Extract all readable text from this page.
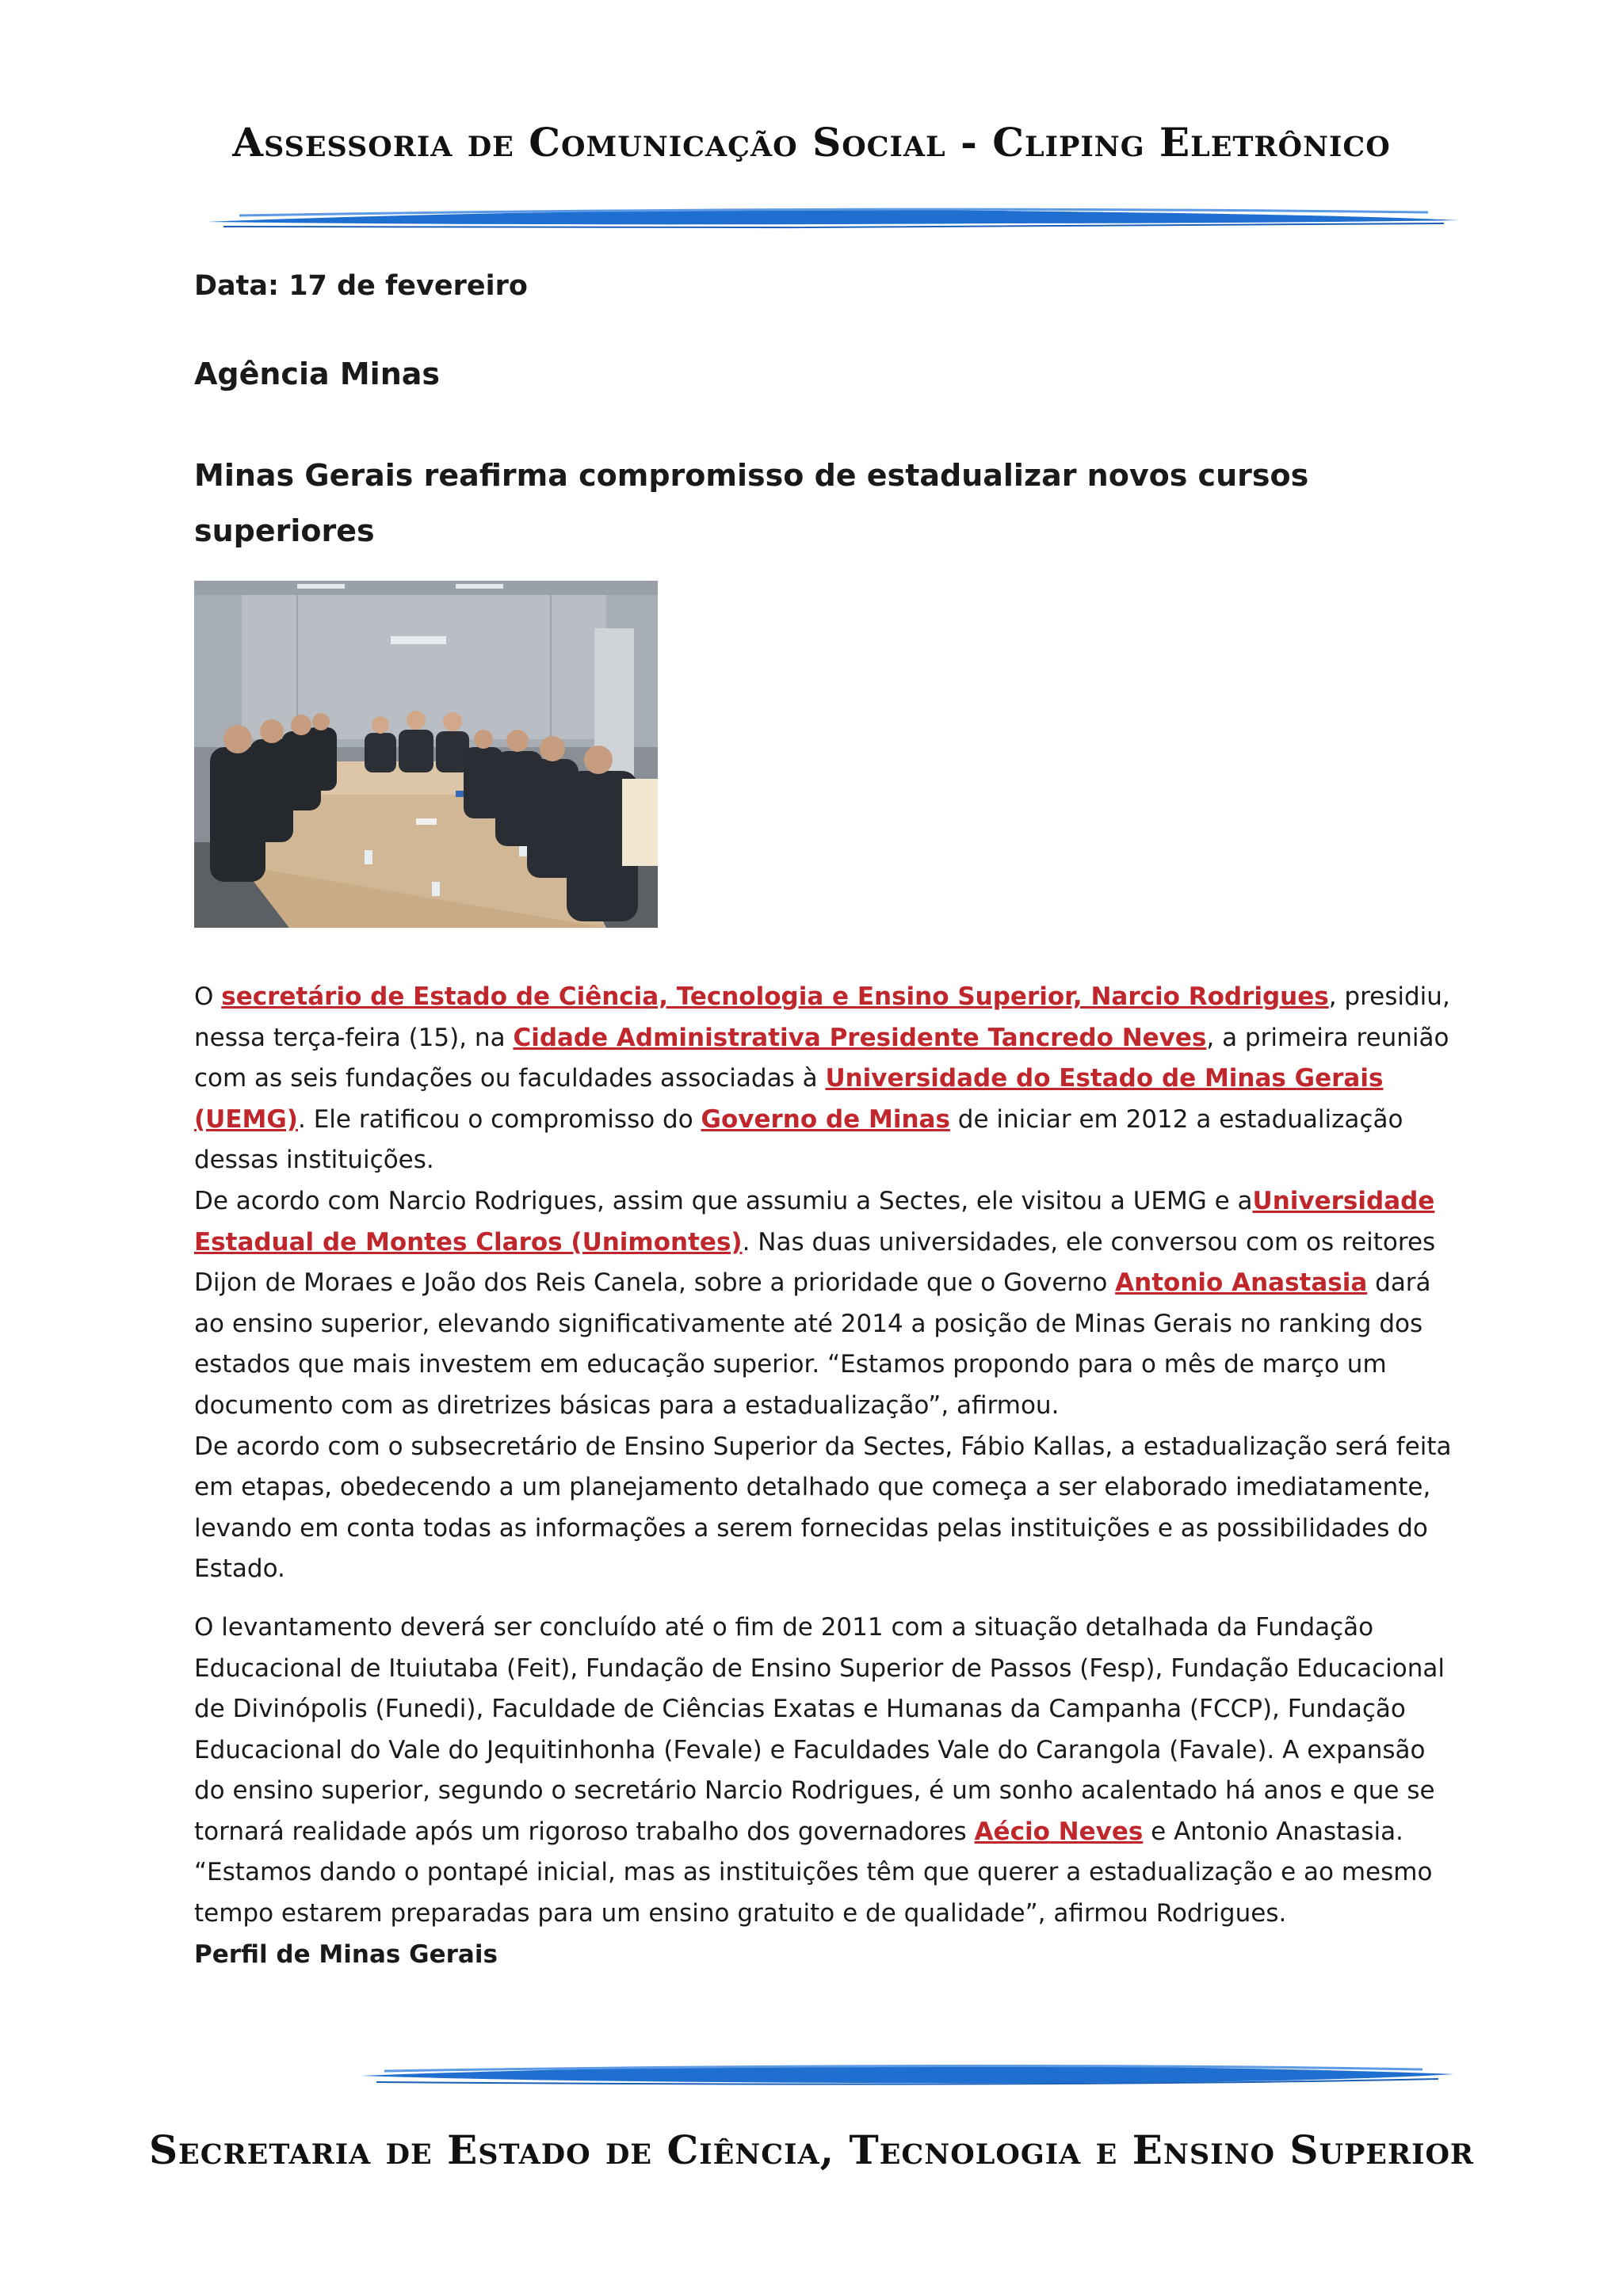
Assessoria de Comunicação Social - Cliping Eletrônico
Data: 17 de fevereiro
Agência Minas
Minas Gerais reafirma compromisso de estadualizar novos cursos superiores

O secretário de Estado de Ciência, Tecnologia e Ensino Superior, Narcio Rodrigues, presidiu, nessa terça-feira (15), na Cidade Administrativa Presidente Tancredo Neves, a primeira reunião com as seis fundações ou faculdades associadas à Universidade do Estado de Minas Gerais (UEMG). Ele ratificou o compromisso do Governo de Minas de iniciar em 2012 a estadualização dessas instituições.

De acordo com Narcio Rodrigues, assim que assumiu a Sectes, ele visitou a UEMG e aUniversidade Estadual de Montes Claros (Unimontes). Nas duas universidades, ele conversou com os reitores Dijon de Moraes e João dos Reis Canela, sobre a prioridade que o Governo Antonio Anastasia dará ao ensino superior, elevando significativamente até 2014 a posição de Minas Gerais no ranking dos estados que mais investem em educação superior. “Estamos propondo para o mês de março um documento com as diretrizes básicas para a estadualização”, afirmou.

De acordo com o subsecretário de Ensino Superior da Sectes, Fábio Kallas, a estadualização será feita em etapas, obedecendo a um planejamento detalhado que começa a ser elaborado imediatamente, levando em conta todas as informações a serem fornecidas pelas instituições e as possibilidades do Estado.

O levantamento deverá ser concluído até o fim de 2011 com a situação detalhada da Fundação Educacional de Ituiutaba (Feit), Fundação de Ensino Superior de Passos (Fesp), Fundação Educacional de Divinópolis (Funedi), Faculdade de Ciências Exatas e Humanas da Campanha (FCCP), Fundação Educacional do Vale do Jequitinhonha (Fevale) e Faculdades Vale do Carangola (Favale). A expansão do ensino superior, segundo o secretário Narcio Rodrigues, é um sonho acalentado há anos e que se tornará realidade após um rigoroso trabalho dos governadores Aécio Neves e Antonio Anastasia.

“Estamos dando o pontapé inicial, mas as instituições têm que querer a estadualização e ao mesmo tempo estarem preparadas para um ensino gratuito e de qualidade”, afirmou Rodrigues.

Perfil de Minas Gerais

Secretaria de Estado de Ciência, Tecnologia e Ensino Superior
